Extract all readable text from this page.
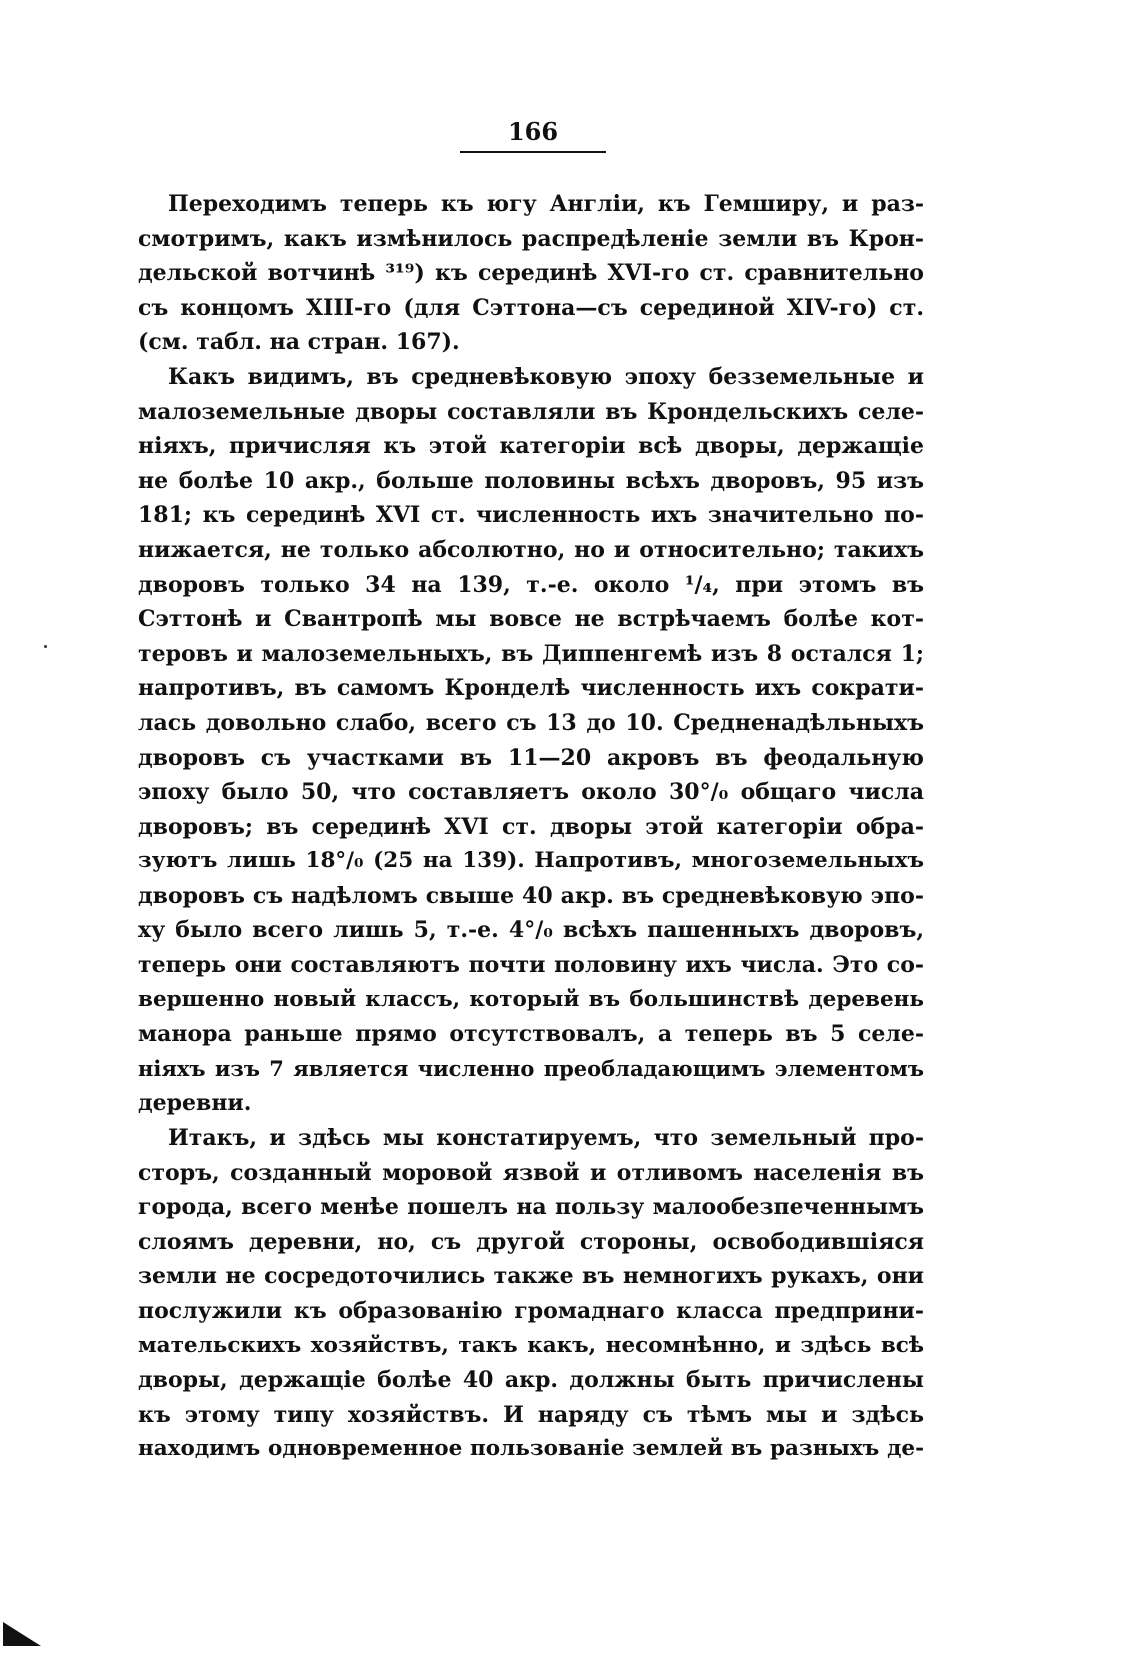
166
Переходимъ теперь къ югу Англіи, къ Гемширу, и раз-
смотримъ, какъ измѣнилось распредѣленіе земли въ Крон-
дельской вотчинѣ ³¹⁹) къ серединѣ XVI-го ст. сравнительно
съ концомъ XIII-го (для Сэттона—съ серединой XIV-го) ст.
(см. табл. на стран. 167).
Какъ видимъ, въ средневѣковую эпоху безземельные и
малоземельные дворы составляли въ Крондельскихъ селе-
ніяхъ, причисляя къ этой категоріи всѣ дворы, держащіе
не болѣе 10 акр., больше половины всѣхъ дворовъ, 95 изъ
181; къ серединѣ XVI ст. численность ихъ значительно по-
нижается, не только абсолютно, но и относительно; такихъ
дворовъ только 34 на 139, т.-е. около ¹/₄, при этомъ въ
Сэттонѣ и Свантропѣ мы вовсе не встрѣчаемъ болѣе кот-
теровъ и малоземельныхъ, въ Диппенгемѣ изъ 8 остался 1;
напротивъ, въ самомъ Кронделѣ численность ихъ сократи-
лась довольно слабо, всего съ 13 до 10. Средненадѣльныхъ
дворовъ съ участками въ 11—20 акровъ въ феодальную
эпоху было 50, что составляетъ около 30°/₀ общаго числа
дворовъ; въ серединѣ XVI ст. дворы этой категоріи обра-
зуютъ лишь 18°/₀ (25 на 139). Напротивъ, многоземельныхъ
дворовъ съ надѣломъ свыше 40 акр. въ средневѣковую эпо-
ху было всего лишь 5, т.-е. 4°/₀ всѣхъ пашенныхъ дворовъ,
теперь они составляютъ почти половину ихъ числа. Это со-
вершенно новый классъ, который въ большинствѣ деревень
манора раньше прямо отсутствовалъ, а теперь въ 5 селе-
ніяхъ изъ 7 является численно преобладающимъ элементомъ
деревни.
Итакъ, и здѣсь мы констатируемъ, что земельный про-
сторъ, созданный моровой язвой и отливомъ населенія въ
города, всего менѣе пошелъ на пользу малообезпеченнымъ
слоямъ деревни, но, съ другой стороны, освободившіяся
земли не сосредоточились также въ немногихъ рукахъ, они
послужили къ образованію громаднаго класса предприни-
мательскихъ хозяйствъ, такъ какъ, несомнѣнно, и здѣсь всѣ
дворы, держащіе болѣе 40 акр. должны быть причислены
къ этому типу хозяйствъ. И наряду съ тѣмъ мы и здѣсь
находимъ одновременное пользованіе землей въ разныхъ де-
